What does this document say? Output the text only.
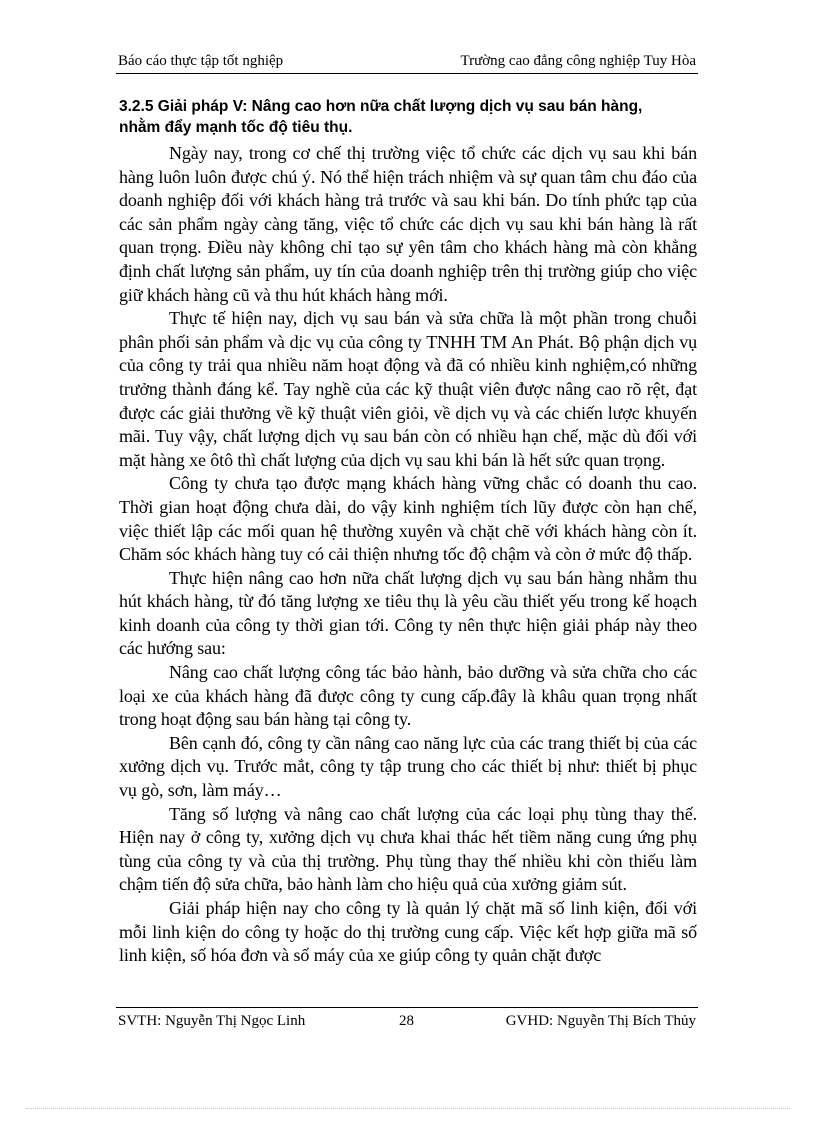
Báo cáo thực tập tốt nghiệp	Trường cao đẳng công nghiệp Tuy Hòa

3.2.5 Giải pháp V: Nâng cao hơn nữa chất lượng dịch vụ sau bán hàng, nhằm đẩy mạnh tốc độ tiêu thụ.

Ngày nay, trong cơ chế thị trường việc tổ chức các dịch vụ sau khi bán hàng luôn luôn được chú ý. Nó thể hiện trách nhiệm và sự quan tâm chu đáo của doanh nghiệp đối với khách hàng trả trước và sau khi bán. Do tính phức tạp của các sản phẩm ngày càng tăng, việc tổ chức các dịch vụ sau khi bán hàng là rất quan trọng. Điều này không chỉ tạo sự yên tâm cho khách hàng mà còn khẳng định chất lượng sản phẩm, uy tín của doanh nghiệp trên thị trường giúp cho việc giữ khách hàng cũ và thu hút khách hàng mới.

Thực tế hiện nay, dịch vụ sau bán và sửa chữa là một phần trong chuỗi phân phối sản phẩm và dịc vụ của công ty TNHH TM An Phát. Bộ phận dịch vụ của công ty trải qua nhiều năm hoạt động và đã có nhiều kinh nghiệm,có những trưởng thành đáng kể. Tay nghề của các kỹ thuật viên được nâng cao rõ rệt, đạt được các giải thưởng về kỹ thuật viên giỏi, về dịch vụ và các chiến lược khuyến mãi. Tuy vậy, chất lượng dịch vụ sau bán còn có nhiều hạn chế, mặc dù đối với mặt hàng xe ôtô thì chất lượng của dịch vụ sau khi bán là hết sức quan trọng.

Công ty chưa tạo được mạng khách hàng vững chắc có doanh thu cao. Thời gian hoạt động chưa dài, do vậy kinh nghiệm tích lũy được còn hạn chế, việc thiết lập các mối quan hệ thường xuyên và chặt chẽ với khách hàng còn ít. Chăm sóc khách hàng tuy có cải thiện nhưng tốc độ chậm và còn ở mức độ thấp.

Thực hiện nâng cao hơn nữa chất lượng dịch vụ sau bán hàng nhằm thu hút khách hàng, từ đó tăng lượng xe tiêu thụ là yêu cầu thiết yếu trong kế hoạch kinh doanh của công ty thời gian tới. Công ty nên thực hiện giải pháp này theo các hướng sau:

Nâng cao chất lượng công tác bảo hành, bảo dưỡng và sửa chữa cho các loại xe của khách hàng đã được công ty cung cấp.đây là khâu quan trọng nhất trong hoạt động sau bán hàng tại công ty.

Bên cạnh đó, công ty cần nâng cao năng lực của các trang thiết bị của các xưởng dịch vụ. Trước mắt, công ty tập trung cho các thiết bị như: thiết bị phục vụ gò, sơn, làm máy…

Tăng số lượng và nâng cao chất lượng của các loại phụ tùng thay thế. Hiện nay ở công ty, xưởng dịch vụ chưa khai thác hết tiềm năng cung ứng phụ tùng của công ty và của thị trường. Phụ tùng thay thế nhiều khi còn thiếu làm chậm tiến độ sửa chữa, bảo hành làm cho hiệu quả của xưởng giảm sút.

Giải pháp hiện nay cho công ty là quản lý chặt mã số linh kiện, đối với mỗi linh kiện do công ty hoặc do thị trường cung cấp. Việc kết hợp giữa mã số linh kiện, số hóa đơn và số máy của xe giúp công ty quản chặt được

SVTH: Nguyễn Thị Ngọc Linh	28	GVHD: Nguyễn Thị Bích Thủy
